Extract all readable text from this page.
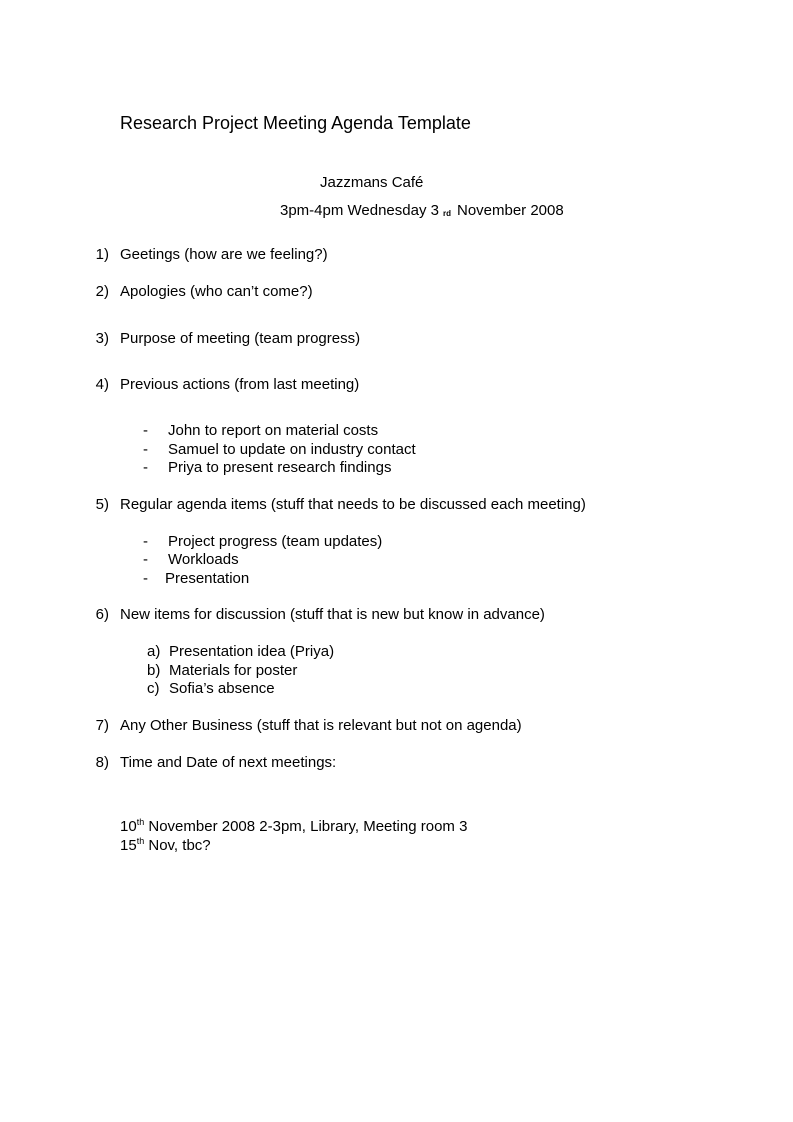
Research Project Meeting Agenda Template
Jazzmans Café
3pm-4pm Wednesday 3 $^{rd}$ November 2008
1) Geetings (how are we feeling?)
2) Apologies (who can’t come?)
3) Purpose of meeting (team progress)
4) Previous actions (from last meeting)
-	John to report on material costs
-	Samuel to update on industry contact
-	Priya to present research findings
5) Regular agenda items (stuff that needs to be discussed each meeting)
-	Project progress (team updates)
-	Workloads
-	Presentation
6) New items for discussion (stuff that is new but know in advance)
a) Presentation idea (Priya)
b) Materials for poster
c) Sofia’s absence
7) Any Other Business (stuff that is relevant but not on agenda)
8) Time and Date of next meetings:
10th November 2008 2-3pm, Library, Meeting room 3
15th Nov, tbc?
